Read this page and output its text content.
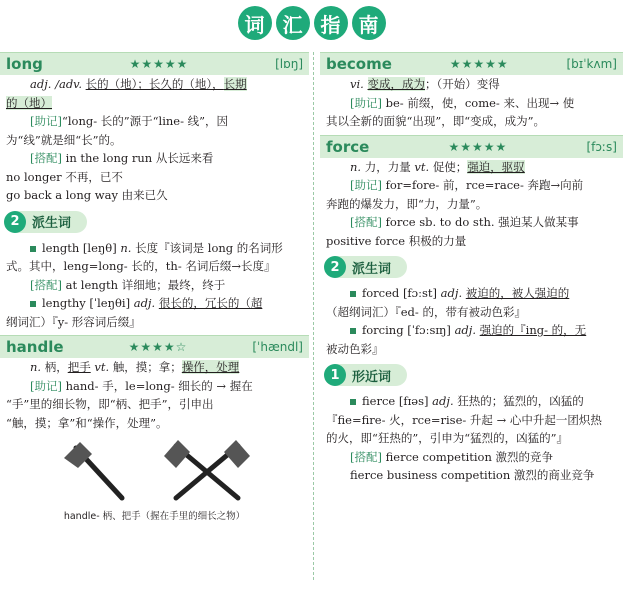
词 汇 指 南
long	★★★★★	[lɒŋ]

adj. /adv. 长的（地）；长久的（地），长期

的（地）

[助记]“long- 长的”源于“line- 线”，因

为“线”就是细“长”的。

[搭配] in the long run 从长远来看

no longer 不再，已不

go back a long way 由来已久

2 派生词

length [leŋθ] n. 长度『该词是 long 的名词形

式。其中，leng=long- 长的，th- 名词后缀→长度』

[搭配] at length 详细地；最终，终于

lengthy [ˈleŋθi] adj. 很长的，冗长的（超

纲词汇）『y- 形容词后缀』

handle	★★★★☆	[ˈhændl]

n. 柄，把手 vt. 触，摸；拿；操作，处理

[助记] hand- 手，le=long- 细长的 → 握在

“手”里的细长物，即“柄、把手”，引申出

“触，摸；拿”和“操作，处理”。

handle- 柄、把手（握在手里的细长之物）
become	★★★★★	[bɪˈkʌm]

vi. 变成，成为；（开始）变得

[助记] be- 前缀，使，come- 来、出现→ 使

其以全新的面貌“出现”，即“变成，成为”。

force	★★★★★	[fɔːs]

n. 力，力量 vt. 促使；强迫，驱驭

[助记] for=fore- 前，rce=race- 奔跑→向前

奔跑的爆发力，即“力，力量”。

[搭配] force sb. to do sth. 强迫某人做某事

positive force 积极的力量

2 派生词

forced [fɔːst] adj. 被迫的，被人强迫的

（超纲词汇）『ed- 的，带有被动色彩』

forcing [ˈfɔːsɪŋ] adj. 强迫的『ing- 的，无

被动色彩』

1 形近词

fierce [fɪəs] adj. 狂热的；猛烈的，凶猛的

『fie=fire- 火，rce=rise- 升起 → 心中升起一团炽热

的火，即“狂热的”，引申为“猛烈的，凶猛的”』

[搭配] fierce competition 激烈的竞争

fierce business competition 激烈的商业竞争
